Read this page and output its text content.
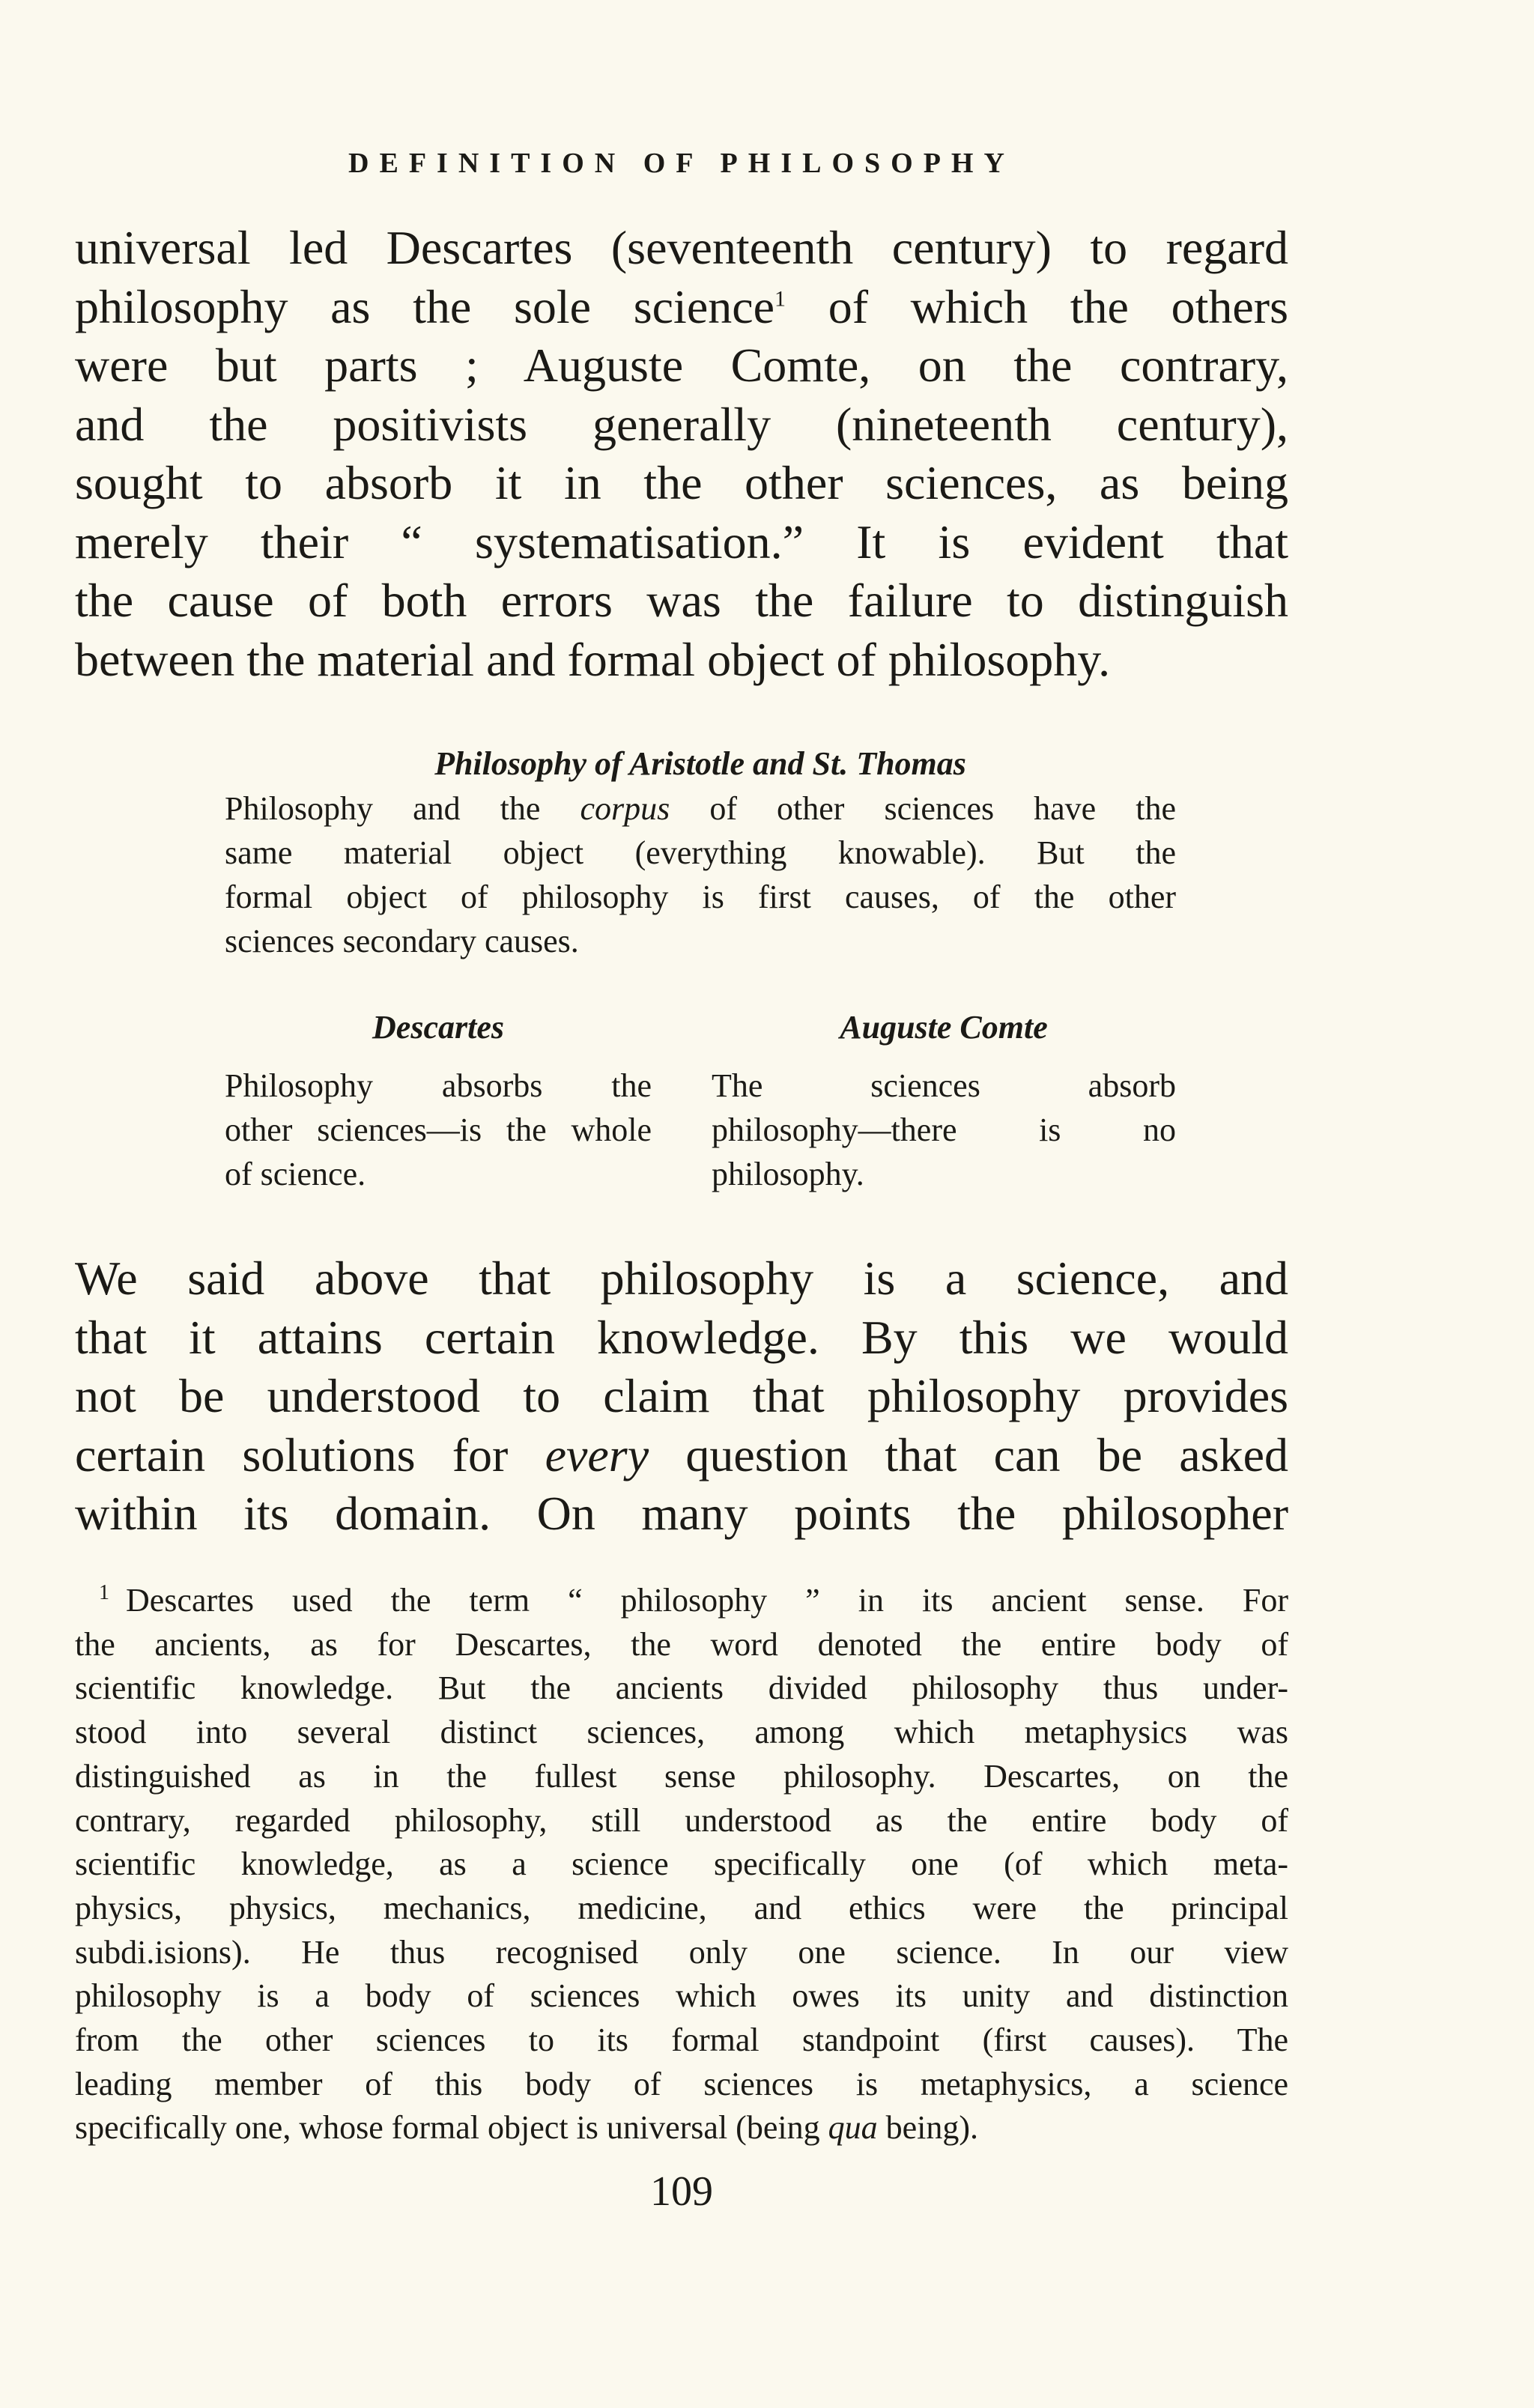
DEFINITION OF PHILOSOPHY

universal led Descartes (seventeenth century) to regard
philosophy as the sole science$^1$ of which the others
were but parts ; Auguste Comte, on the contrary,
and the positivists generally (nineteenth century),
sought to absorb it in the other sciences, as being
merely their “ systematisation.” It is evident that
the cause of both errors was the failure to distinguish
between the material and formal object of philosophy.

Philosophy of Aristotle and St. Thomas

Philosophy and the corpus of other sciences have the
same material object (everything knowable). But the
formal object of philosophy is first causes, of the other
sciences secondary causes.

Descartes	Auguste Comte

Philosophy absorbs the
other sciences—is the whole
of science.

The sciences absorb
philosophy—there is no
philosophy.

We said above that philosophy is a science, and
that it attains certain knowledge. By this we would
not be understood to claim that philosophy provides
certain solutions for every question that can be asked
within its domain. On many points the philosopher

$^1$ Descartes used the term “ philosophy ” in its ancient sense. For
the ancients, as for Descartes, the word denoted the entire body of
scientific knowledge. But the ancients divided philosophy thus under-
stood into several distinct sciences, among which metaphysics was
distinguished as in the fullest sense philosophy. Descartes, on the
contrary, regarded philosophy, still understood as the entire body of
scientific knowledge, as a science specifically one (of which meta-
physics, physics, mechanics, medicine, and ethics were the principal
subdi.isions). He thus recognised only one science. In our view
philosophy is a body of sciences which owes its unity and distinction
from the other sciences to its formal standpoint (first causes). The
leading member of this body of sciences is metaphysics, a science
specifically one, whose formal object is universal (being qua being).

109
